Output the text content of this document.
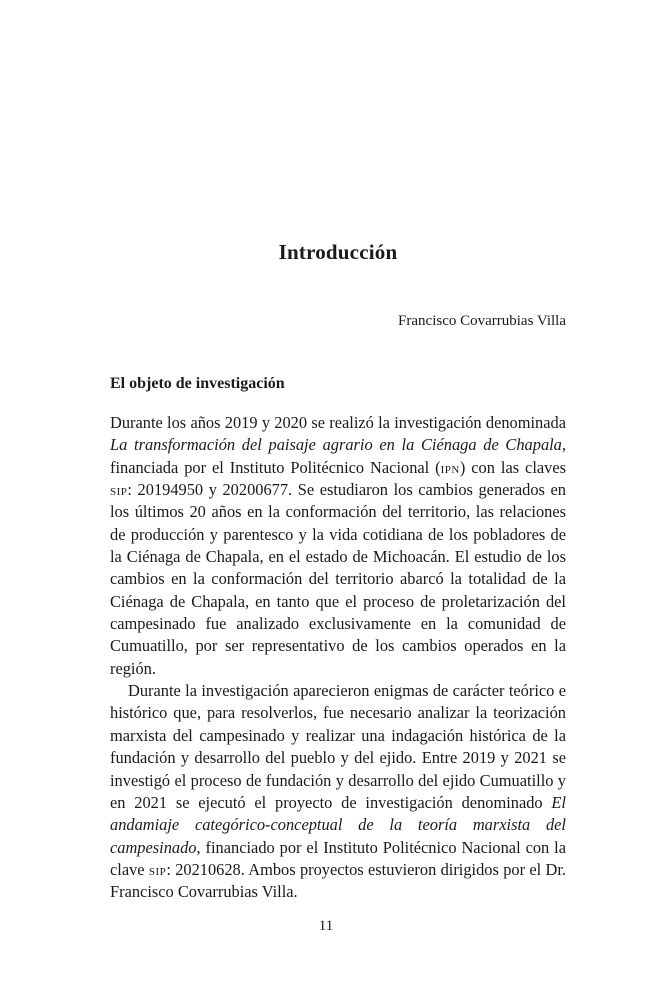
Introducción

Francisco Covarrubias Villa

El objeto de investigación

Durante los años 2019 y 2020 se realizó la investigación denominada La transformación del paisaje agrario en la Ciénaga de Chapala, financiada por el Instituto Politécnico Nacional (ipn) con las claves sip: 20194950 y 20200677. Se estudiaron los cambios generados en los últimos 20 años en la conformación del territorio, las relaciones de producción y parentesco y la vida cotidiana de los pobladores de la Ciénaga de Chapala, en el estado de Michoacán. El estudio de los cambios en la conformación del territorio abarcó la totalidad de la Ciénaga de Chapala, en tanto que el proceso de proletarización del campesinado fue analizado exclusivamente en la comunidad de Cumuatillo, por ser representativo de los cambios operados en la región.

Durante la investigación aparecieron enigmas de carácter teórico e histórico que, para resolverlos, fue necesario analizar la teorización marxista del campesinado y realizar una indagación histórica de la fundación y desarrollo del pueblo y del ejido. Entre 2019 y 2021 se investigó el proceso de fundación y desarrollo del ejido Cumuatillo y en 2021 se ejecutó el proyecto de investigación denominado El andamiaje categórico-conceptual de la teoría marxista del campesinado, financiado por el Instituto Politécnico Nacional con la clave sip: 20210628. Ambos proyectos estuvieron dirigidos por el Dr. Francisco Covarrubias Villa.

11
